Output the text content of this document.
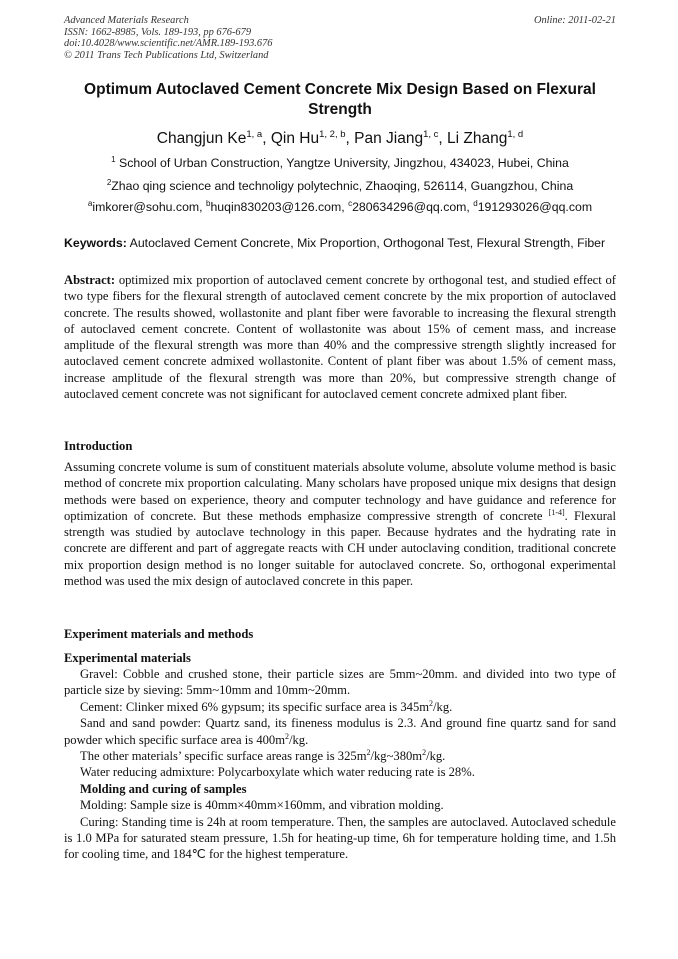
Advanced Materials Research
ISSN: 1662-8985, Vols. 189-193, pp 676-679
doi:10.4028/www.scientific.net/AMR.189-193.676
© 2011 Trans Tech Publications Ltd, Switzerland
Online: 2011-02-21
Optimum Autoclaved Cement Concrete Mix Design Based on Flexural Strength
Changjun Ke$^{1, a}$, Qin Hu$^{1, 2, b}$, Pan Jiang$^{1, c}$, Li Zhang$^{1, d}$
$^1$ School of Urban Construction, Yangtze University, Jingzhou, 434023, Hubei, China
$^2$Zhao qing science and technoligy polytechnic, Zhaoqing, 526114, Guangzhou, China
$^a$imkorer@sohu.com, $^b$huqin830203@126.com, $^c$280634296@qq.com, $^d$191293026@qq.com
Keywords: Autoclaved Cement Concrete, Mix Proportion, Orthogonal Test, Flexural Strength, Fiber
Abstract: optimized mix proportion of autoclaved cement concrete by orthogonal test, and studied effect of two type fibers for the flexural strength of autoclaved cement concrete by the mix proportion of autoclaved concrete. The results showed, wollastonite and plant fiber were favorable to increasing the flexural strength of autoclaved cement concrete. Content of wollastonite was about 15% of cement mass, and increase amplitude of the flexural strength was more than 40% and the compressive strength slightly increased for autoclaved cement concrete admixed wollastonite. Content of plant fiber was about 1.5% of cement mass, increase amplitude of the flexural strength was more than 20%, but compressive strength change of autoclaved cement concrete was not significant for autoclaved cement concrete admixed plant fiber.
Introduction
Assuming concrete volume is sum of constituent materials absolute volume, absolute volume method is basic method of concrete mix proportion calculating. Many scholars have proposed unique mix designs that design methods were based on experience, theory and computer technology and have guidance and reference for optimization of concrete. But these methods emphasize compressive strength of concrete [1-4]. Flexural strength was studied by autoclave technology in this paper. Because hydrates and the hydrating rate in concrete are different and part of aggregate reacts with CH under autoclaving condition, traditional concrete mix proportion design method is no longer suitable for autoclaved concrete. So, orthogonal experimental method was used the mix design of autoclaved concrete in this paper.
Experiment materials and methods
Experimental materials

Gravel: Cobble and crushed stone, their particle sizes are 5mm~20mm. and divided into two type of particle size by sieving: 5mm~10mm and 10mm~20mm.

Cement: Clinker mixed 6% gypsum; its specific surface area is $345m^2/kg$.

Sand and sand powder: Quartz sand, its fineness modulus is 2.3. And ground fine quartz sand for sand powder which specific surface area is $400m^2/kg$.

The other materials’ specific surface areas range is $325m^2/kg\sim 380m^2/kg$.

Water reducing admixture: Polycarboxylate which water reducing rate is 28%.

Molding and curing of samples

Molding: Sample size is 40mm×40mm×160mm, and vibration molding.

Curing: Standing time is 24h at room temperature. Then, the samples are autoclaved. Autoclaved schedule is 1.0 MPa for saturated steam pressure, 1.5h for heating-up time, 6h for temperature holding time, and 1.5h for cooling time, and 184℃ for the highest temperature.
